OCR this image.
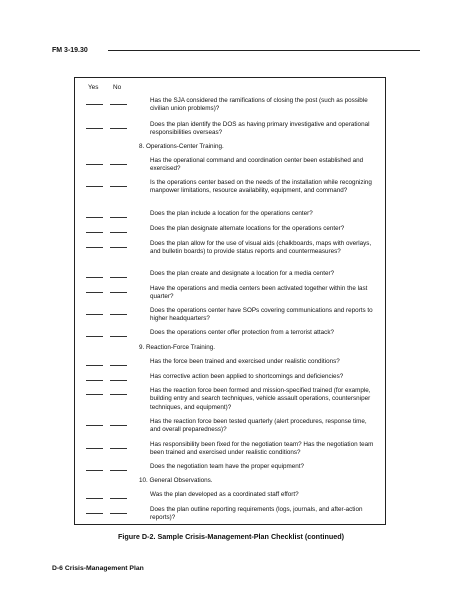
FM 3-19.30
Yes No
Has the SJA considered the ramifications of closing the post (such as possible civilian union problems)?
Does the plan identify the DOS as having primary investigative and operational responsibilities overseas?
8. Operations-Center Training.
Has the operational command and coordination center been established and exercised?
Is the operations center based on the needs of the installation while recognizing manpower limitations, resource availability, equipment, and command?
Does the plan include a location for the operations center?
Does the plan designate alternate locations for the operations center?
Does the plan allow for the use of visual aids (chalkboards, maps with overlays, and bulletin boards) to provide status reports and countermeasures?
Does the plan create and designate a location for a media center?
Have the operations and media centers been activated together within the last quarter?
Does the operations center have SOPs covering communications and reports to higher headquarters?
Does the operations center offer protection from a terrorist attack?
9. Reaction-Force Training.
Has the force been trained and exercised under realistic conditions?
Has corrective action been applied to shortcomings and deficiencies?
Has the reaction force been formed and mission-specified trained (for example, building entry and search techniques, vehicle assault operations, countersniper techniques, and equipment)?
Has the reaction force been tested quarterly (alert procedures, response time, and overall preparedness)?
Has responsibility been fixed for the negotiation team? Has the negotiation team been trained and exercised under realistic conditions?
Does the negotiation team have the proper equipment?
10. General Observations.
Was the plan developed as a coordinated staff effort?
Does the plan outline reporting requirements (logs, journals, and after-action reports)?
Figure D-2. Sample Crisis-Management-Plan Checklist (continued)
D-6 Crisis-Management Plan
